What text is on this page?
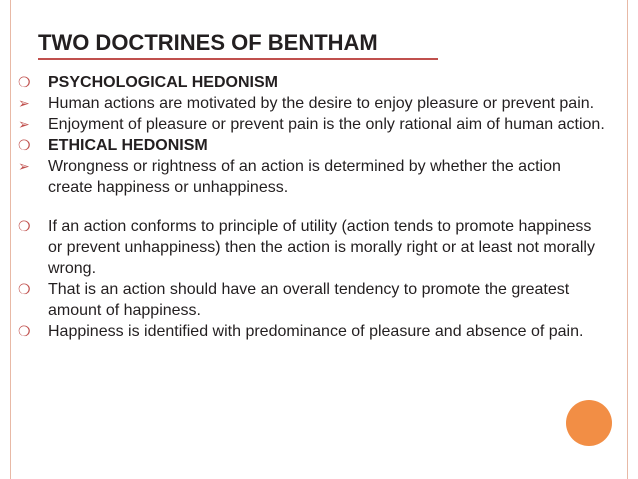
TWO DOCTRINES OF BENTHAM
❍	PSYCHOLOGICAL HEDONISM
➢	Human actions are motivated by the desire to enjoy pleasure or prevent pain.
➢	Enjoyment of pleasure or prevent pain is the only rational aim of human action.
❍	ETHICAL HEDONISM
➢	Wrongness or rightness of an action is determined by whether the action create happiness or unhappiness.
❍	If an action conforms to principle of utility (action tends to promote happiness or prevent unhappiness) then the action is morally right or at least not morally wrong.
❍	That is an action should have an overall tendency to promote the greatest amount of happiness.
❍	Happiness is identified with predominance of pleasure and absence of pain.
